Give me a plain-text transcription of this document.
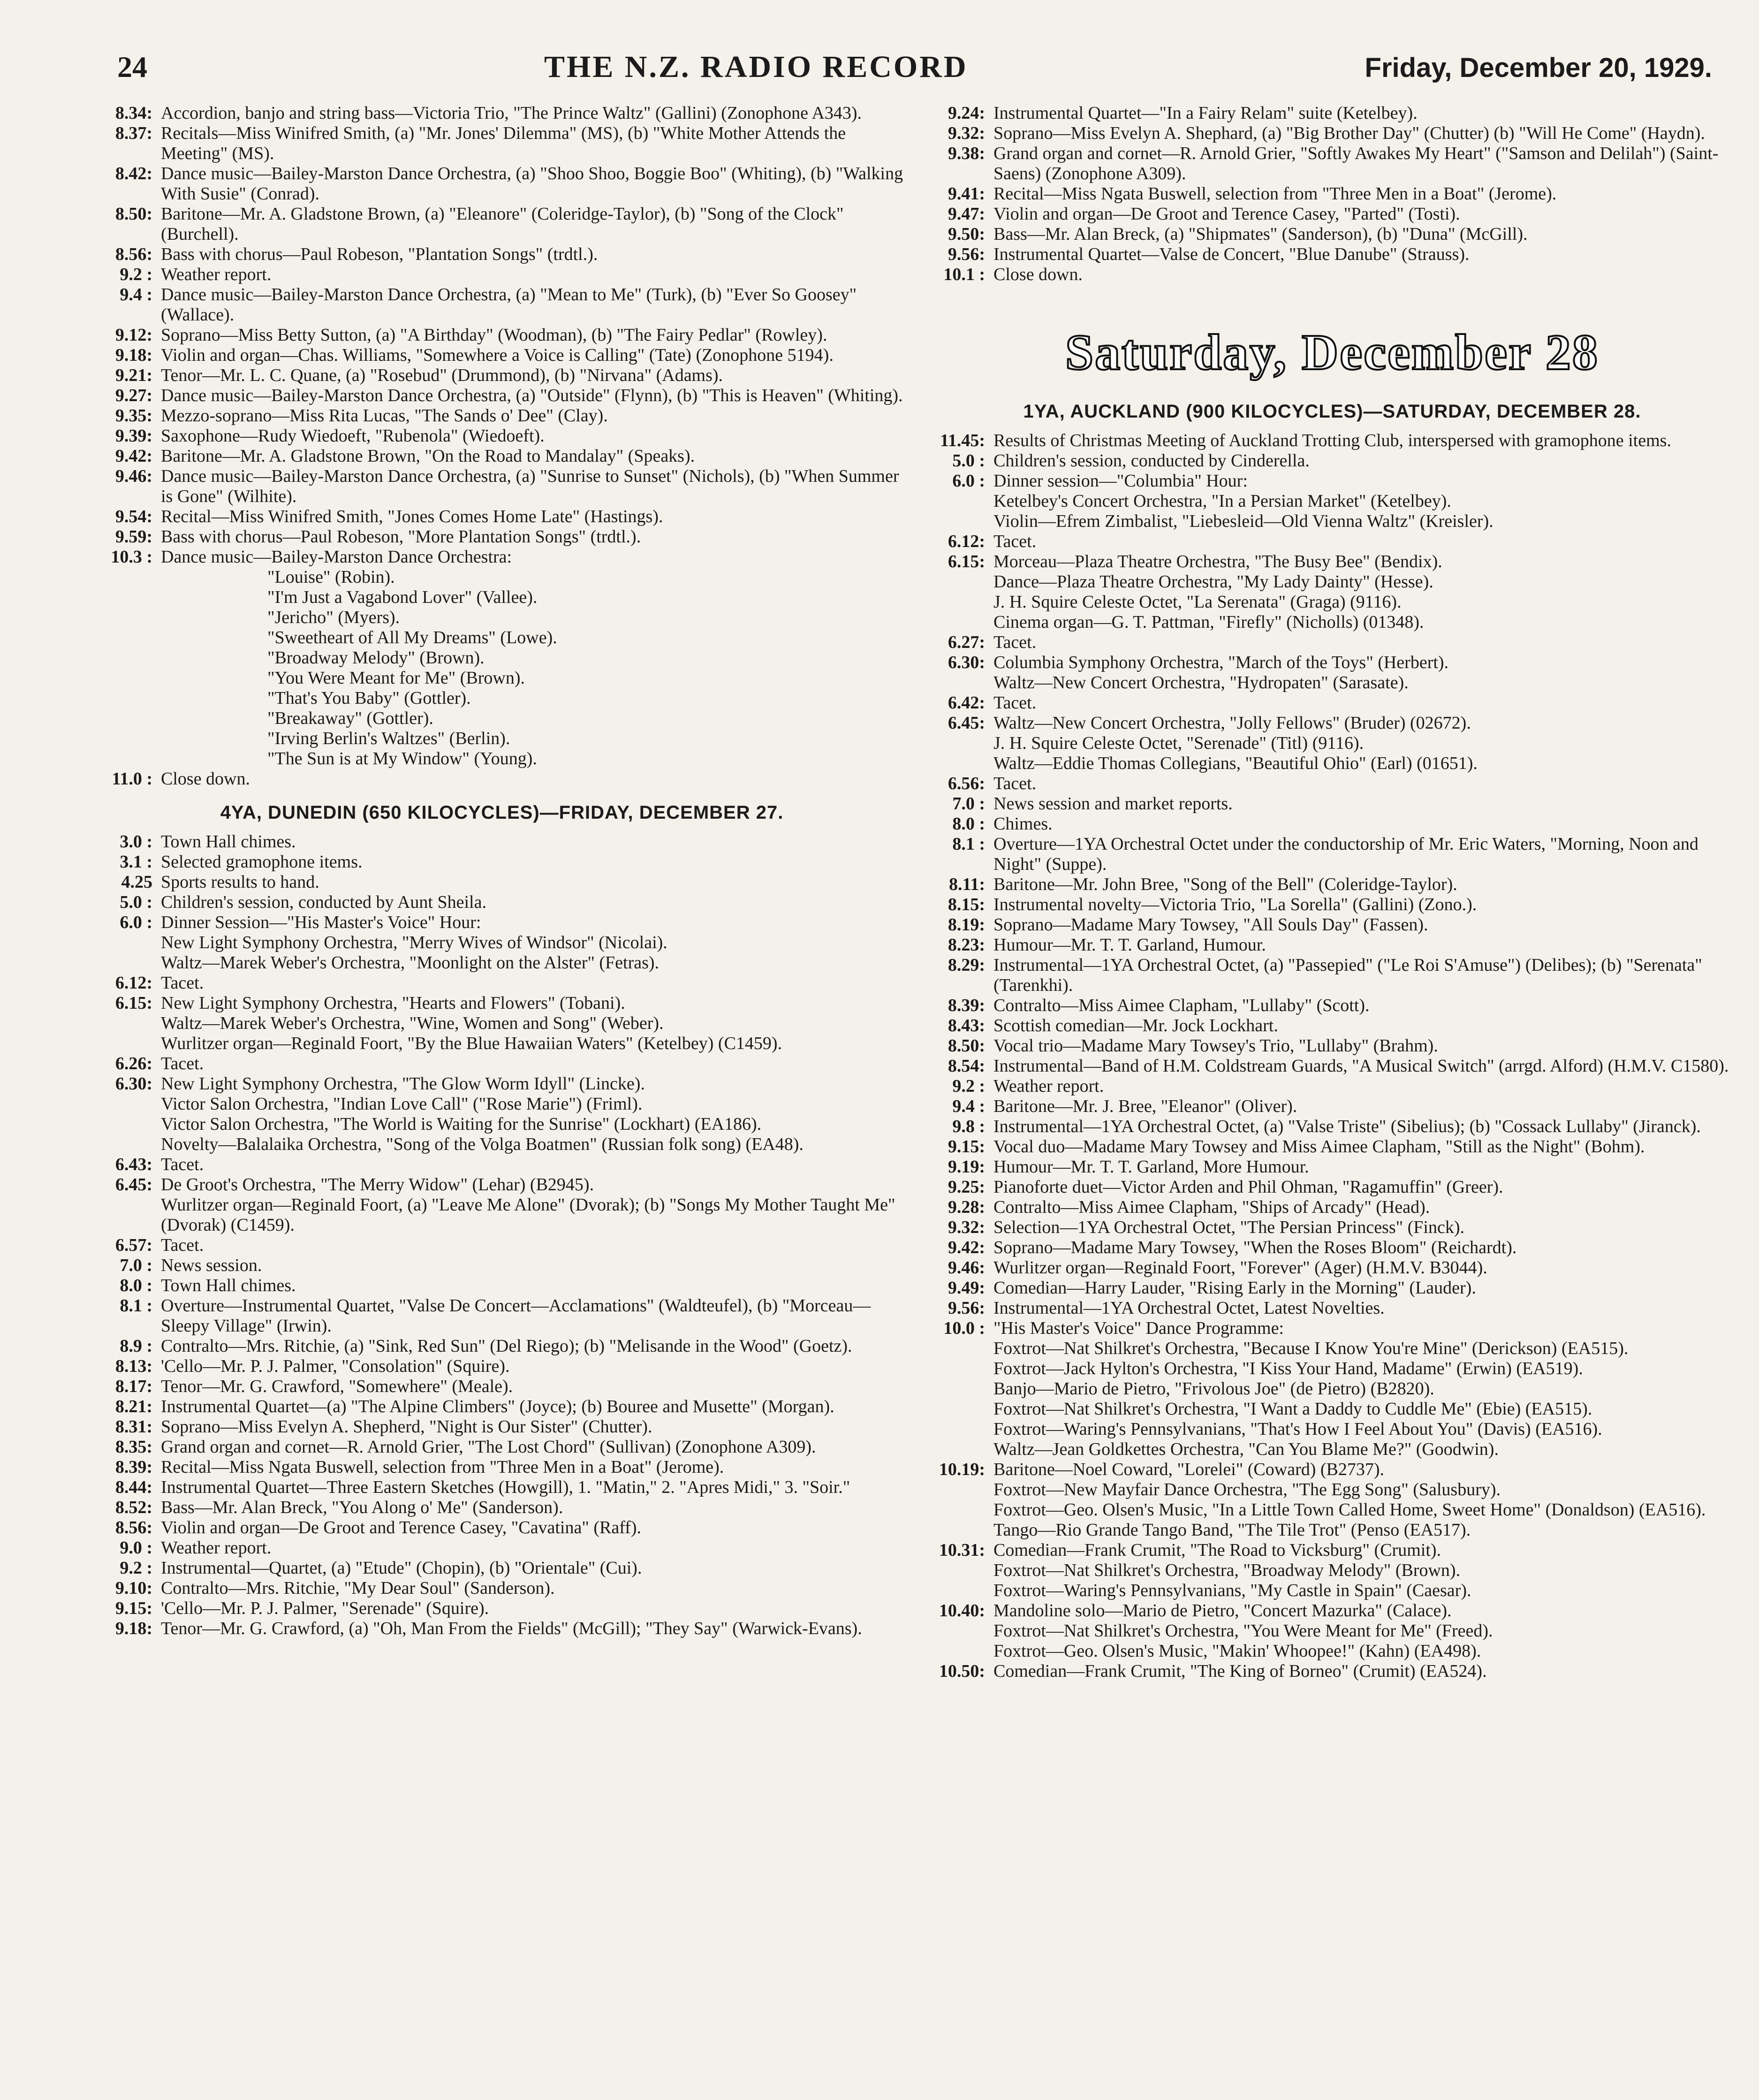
24	THE N.Z. RADIO RECORD	Friday, December 20, 1929.
8.34: Accordion, banjo and string bass—Victoria Trio, "The Prince Waltz" (Gallini) (Zonophone A343).
8.37: Recitals—Miss Winifred Smith, (a) "Mr. Jones' Dilemma" (MS), (b) "White Mother Attends the Meeting" (MS).
8.42: Dance music—Bailey-Marston Dance Orchestra, (a) "Shoo Shoo, Boggie Boo" (Whiting), (b) "Walking With Susie" (Conrad).
8.50: Baritone—Mr. A. Gladstone Brown, (a) "Eleanore" (Coleridge-Taylor), (b) "Song of the Clock" (Burchell).
8.56: Bass with chorus—Paul Robeson, "Plantation Songs" (trdtl.).
9.2 : Weather report.
9.4 : Dance music—Bailey-Marston Dance Orchestra, (a) "Mean to Me" (Turk), (b) "Ever So Goosey" (Wallace).
9.12: Soprano—Miss Betty Sutton, (a) "A Birthday" (Woodman), (b) "The Fairy Pedlar" (Rowley).
9.18: Violin and organ—Chas. Williams, "Somewhere a Voice is Calling" (Tate) (Zonophone 5194).
9.21: Tenor—Mr. L. C. Quane, (a) "Rosebud" (Drummond), (b) "Nirvana" (Adams).
9.27: Dance music—Bailey-Marston Dance Orchestra, (a) "Outside" (Flynn), (b) "This is Heaven" (Whiting).
9.35: Mezzo-soprano—Miss Rita Lucas, "The Sands o' Dee" (Clay).
9.39: Saxophone—Rudy Wiedoeft, "Rubenola" (Wiedoeft).
9.42: Baritone—Mr. A. Gladstone Brown, "On the Road to Mandalay" (Speaks).
9.46: Dance music—Bailey-Marston Dance Orchestra, (a) "Sunrise to Sunset" (Nichols), (b) "When Summer is Gone" (Wilhite).
9.54: Recital—Miss Winifred Smith, "Jones Comes Home Late" (Hastings).
9.59: Bass with chorus—Paul Robeson, "More Plantation Songs" (trdtl.).
10.3 : Dance music—Bailey-Marston Dance Orchestra:
"Louise" (Robin).
"I'm Just a Vagabond Lover" (Vallee).
"Jericho" (Myers).
"Sweetheart of All My Dreams" (Lowe).
"Broadway Melody" (Brown).
"You Were Meant for Me" (Brown).
"That's You Baby" (Gottler).
"Breakaway" (Gottler).
"Irving Berlin's Waltzes" (Berlin).
"The Sun is at My Window" (Young).
11.0 : Close down.
4YA, DUNEDIN (650 KILOCYCLES)—FRIDAY, DECEMBER 27.
3.0 : Town Hall chimes.
3.1 : Selected gramophone items.
4.25 Sports results to hand.
5.0 : Children's session, conducted by Aunt Sheila.
6.0 : Dinner Session—"His Master's Voice" Hour:
New Light Symphony Orchestra, "Merry Wives of Windsor" (Nicolai).
Waltz—Marek Weber's Orchestra, "Moonlight on the Alster" (Fetras).
6.12: Tacet.
6.15: New Light Symphony Orchestra, "Hearts and Flowers" (Tobani).
Waltz—Marek Weber's Orchestra, "Wine, Women and Song" (Weber).
Wurlitzer organ—Reginald Foort, "By the Blue Hawaiian Waters" (Ketelbey) (C1459).
6.26: Tacet.
6.30: New Light Symphony Orchestra, "The Glow Worm Idyll" (Lincke).
Victor Salon Orchestra, "Indian Love Call" ("Rose Marie") (Friml).
Victor Salon Orchestra, "The World is Waiting for the Sunrise" (Lockhart) (EA186).
Novelty—Balalaika Orchestra, "Song of the Volga Boatmen" (Russian folk song) (EA48).
6.43: Tacet.
6.45: De Groot's Orchestra, "The Merry Widow" (Lehar) (B2945).
Wurlitzer organ—Reginald Foort, (a) "Leave Me Alone" (Dvorak); (b) "Songs My Mother Taught Me" (Dvorak) (C1459).
6.57: Tacet.
7.0 : News session.
8.0 : Town Hall chimes.
8.1 : Overture—Instrumental Quartet, "Valse De Concert—Acclamations" (Waldteufel), (b) "Morceau—Sleepy Village" (Irwin).
8.9 : Contralto—Mrs. Ritchie, (a) "Sink, Red Sun" (Del Riego); (b) "Melisande in the Wood" (Goetz).
8.13: 'Cello—Mr. P. J. Palmer, "Consolation" (Squire).
8.17: Tenor—Mr. G. Crawford, "Somewhere" (Meale).
8.21: Instrumental Quartet—(a) "The Alpine Climbers" (Joyce); (b) Bouree and Musette" (Morgan).
8.31: Soprano—Miss Evelyn A. Shepherd, "Night is Our Sister" (Chutter).
8.35: Grand organ and cornet—R. Arnold Grier, "The Lost Chord" (Sullivan) (Zonophone A309).
8.39: Recital—Miss Ngata Buswell, selection from "Three Men in a Boat" (Jerome).
8.44: Instrumental Quartet—Three Eastern Sketches (Howgill), 1. "Matin," 2. "Apres Midi," 3. "Soir."
8.52: Bass—Mr. Alan Breck, "You Along o' Me" (Sanderson).
8.56: Violin and organ—De Groot and Terence Casey, "Cavatina" (Raff).
9.0 : Weather report.
9.2 : Instrumental—Quartet, (a) "Etude" (Chopin), (b) "Orientale" (Cui).
9.10: Contralto—Mrs. Ritchie, "My Dear Soul" (Sanderson).
9.15: 'Cello—Mr. P. J. Palmer, "Serenade" (Squire).
9.18: Tenor—Mr. G. Crawford, (a) "Oh, Man From the Fields" (McGill); "They Say" (Warwick-Evans).
9.24: Instrumental Quartet—"In a Fairy Relam" suite (Ketelbey).
9.32: Soprano—Miss Evelyn A. Shephard, (a) "Big Brother Day" (Chutter) (b) "Will He Come" (Haydn).
9.38: Grand organ and cornet—R. Arnold Grier, "Softly Awakes My Heart" ("Samson and Delilah") (Saint-Saens) (Zonophone A309).
9.41: Recital—Miss Ngata Buswell, selection from "Three Men in a Boat" (Jerome).
9.47: Violin and organ—De Groot and Terence Casey, "Parted" (Tosti).
9.50: Bass—Mr. Alan Breck, (a) "Shipmates" (Sanderson), (b) "Duna" (McGill).
9.56: Instrumental Quartet—Valse de Concert, "Blue Danube" (Strauss).
10.1 : Close down.
Saturday, December 28
1YA, AUCKLAND (900 KILOCYCLES)—SATURDAY, DECEMBER 28.
11.45: Results of Christmas Meeting of Auckland Trotting Club, interspersed with gramophone items.
5.0 : Children's session, conducted by Cinderella.
6.0 : Dinner session—"Columbia" Hour:
Ketelbey's Concert Orchestra, "In a Persian Market" (Ketelbey).
Violin—Efrem Zimbalist, "Liebesleid—Old Vienna Waltz" (Kreisler).
6.12: Tacet.
6.15: Morceau—Plaza Theatre Orchestra, "The Busy Bee" (Bendix).
Dance—Plaza Theatre Orchestra, "My Lady Dainty" (Hesse).
J. H. Squire Celeste Octet, "La Serenata" (Graga) (9116).
Cinema organ—G. T. Pattman, "Firefly" (Nicholls) (01348).
6.27: Tacet.
6.30: Columbia Symphony Orchestra, "March of the Toys" (Herbert).
Waltz—New Concert Orchestra, "Hydropaten" (Sarasate).
6.42: Tacet.
6.45: Waltz—New Concert Orchestra, "Jolly Fellows" (Bruder) (02672).
J. H. Squire Celeste Octet, "Serenade" (Titl) (9116).
Waltz—Eddie Thomas Collegians, "Beautiful Ohio" (Earl) (01651).
6.56: Tacet.
7.0 : News session and market reports.
8.0 : Chimes.
8.1 : Overture—1YA Orchestral Octet under the conductorship of Mr. Eric Waters, "Morning, Noon and Night" (Suppe).
8.11: Baritone—Mr. John Bree, "Song of the Bell" (Coleridge-Taylor).
8.15: Instrumental novelty—Victoria Trio, "La Sorella" (Gallini) (Zono.).
8.19: Soprano—Madame Mary Towsey, "All Souls Day" (Fassen).
8.23: Humour—Mr. T. T. Garland, Humour.
8.29: Instrumental—1YA Orchestral Octet, (a) "Passepied" ("Le Roi S'Amuse") (Delibes); (b) "Serenata" (Tarenkhi).
8.39: Contralto—Miss Aimee Clapham, "Lullaby" (Scott).
8.43: Scottish comedian—Mr. Jock Lockhart.
8.50: Vocal trio—Madame Mary Towsey's Trio, "Lullaby" (Brahm).
8.54: Instrumental—Band of H.M. Coldstream Guards, "A Musical Switch" (arrgd. Alford) (H.M.V. C1580).
9.2 : Weather report.
9.4 : Baritone—Mr. J. Bree, "Eleanor" (Oliver).
9.8 : Instrumental—1YA Orchestral Octet, (a) "Valse Triste" (Sibelius); (b) "Cossack Lullaby" (Jiranck).
9.15: Vocal duo—Madame Mary Towsey and Miss Aimee Clapham, "Still as the Night" (Bohm).
9.19: Humour—Mr. T. T. Garland, More Humour.
9.25: Pianoforte duet—Victor Arden and Phil Ohman, "Ragamuffin" (Greer).
9.28: Contralto—Miss Aimee Clapham, "Ships of Arcady" (Head).
9.32: Selection—1YA Orchestral Octet, "The Persian Princess" (Finck).
9.42: Soprano—Madame Mary Towsey, "When the Roses Bloom" (Reichardt).
9.46: Wurlitzer organ—Reginald Foort, "Forever" (Ager) (H.M.V. B3044).
9.49: Comedian—Harry Lauder, "Rising Early in the Morning" (Lauder).
9.56: Instrumental—1YA Orchestral Octet, Latest Novelties.
10.0 : "His Master's Voice" Dance Programme:
Foxtrot—Nat Shilkret's Orchestra, "Because I Know You're Mine" (Derickson) (EA515).
Foxtrot—Jack Hylton's Orchestra, "I Kiss Your Hand, Madame" (Erwin) (EA519).
Banjo—Mario de Pietro, "Frivolous Joe" (de Pietro) (B2820).
Foxtrot—Nat Shilkret's Orchestra, "I Want a Daddy to Cuddle Me" (Ebie) (EA515).
Foxtrot—Waring's Pennsylvanians, "That's How I Feel About You" (Davis) (EA516).
Waltz—Jean Goldkettes Orchestra, "Can You Blame Me?" (Goodwin).
10.19: Baritone—Noel Coward, "Lorelei" (Coward) (B2737).
Foxtrot—New Mayfair Dance Orchestra, "The Egg Song" (Salusbury).
Foxtrot—Geo. Olsen's Music, "In a Little Town Called Home, Sweet Home" (Donaldson) (EA516).
Tango—Rio Grande Tango Band, "The Tile Trot" (Penso (EA517).
10.31: Comedian—Frank Crumit, "The Road to Vicksburg" (Crumit).
Foxtrot—Nat Shilkret's Orchestra, "Broadway Melody" (Brown).
Foxtrot—Waring's Pennsylvanians, "My Castle in Spain" (Caesar).
10.40: Mandoline solo—Mario de Pietro, "Concert Mazurka" (Calace).
Foxtrot—Nat Shilkret's Orchestra, "You Were Meant for Me" (Freed).
Foxtrot—Geo. Olsen's Music, "Makin' Whoopee!" (Kahn) (EA498).
10.50: Comedian—Frank Crumit, "The King of Borneo" (Crumit) (EA524).
